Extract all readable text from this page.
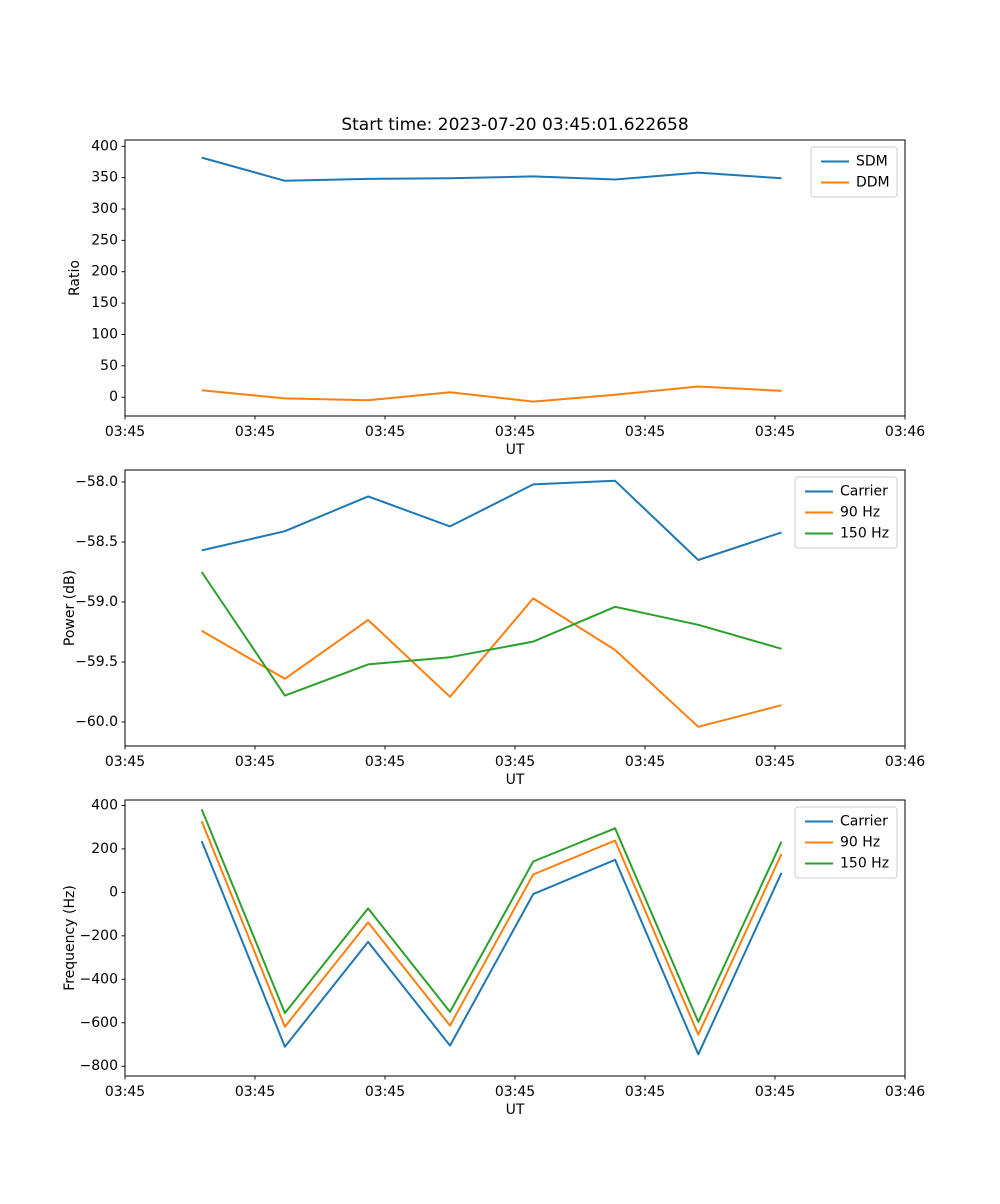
Start time: 2023-07-20 03:45:01.622658
0
50
100
150
200
250
300
350
400
03:45	03:45	03:45	03:45	03:45	03:45	03:46
UT
Ratio
SDM
DDM
−58.0
−58.5
−59.0
−59.5
−60.0
03:45	03:45	03:45	03:45	03:45	03:45	03:46
UT
Power (dB)
Carrier
90 Hz
150 Hz
400
200
0
−200
−400
−600
−800
03:45	03:45	03:45	03:45	03:45	03:45	03:46
UT
Frequency (Hz)
Carrier
90 Hz
150 Hz
